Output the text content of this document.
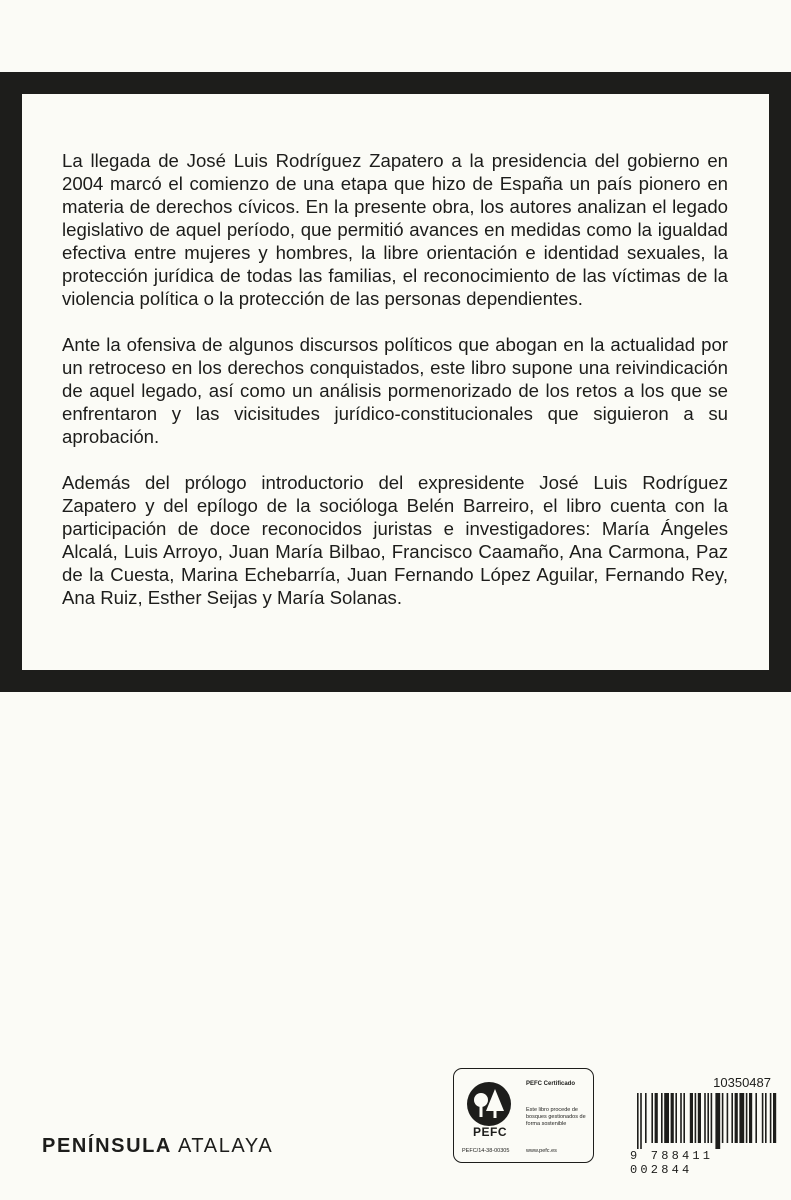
La llegada de José Luis Rodríguez Zapatero a la presidencia del gobierno en 2004 marcó el comienzo de una etapa que hizo de España un país pionero en materia de derechos cívicos. En la presente obra, los autores analizan el legado legislativo de aquel período, que permitió avances en medidas como la igualdad efectiva entre mujeres y hombres, la libre orientación e identidad sexuales, la protección jurídica de todas las familias, el reconocimiento de las víctimas de la violencia política o la protección de las personas dependientes.

Ante la ofensiva de algunos discursos políticos que abogan en la actualidad por un retroceso en los derechos conquistados, este libro supone una reivindicación de aquel legado, así como un análisis pormenorizado de los retos a los que se enfrentaron y las vicisitudes jurídico-constitucionales que siguieron a su aprobación.

Además del prólogo introductorio del expresidente José Luis Rodríguez Zapatero y del epílogo de la socióloga Belén Barreiro, el libro cuenta con la participación de doce reconocidos juristas e investigadores: María Ángeles Alcalá, Luis Arroyo, Juan María Bilbao, Francisco Caamaño, Ana Carmona, Paz de la Cuesta, Marina Echebarría, Juan Fernando López Aguilar, Fernando Rey, Ana Ruiz, Esther Seijas y María Solanas.

PENÍNSULA ATALAYA
PEFC
PEFC/14-38-00305
PEFC Certificado
Este libro procede de bosques gestionados de forma sostenible
www.pefc.es
10350487
9 788411 002844
